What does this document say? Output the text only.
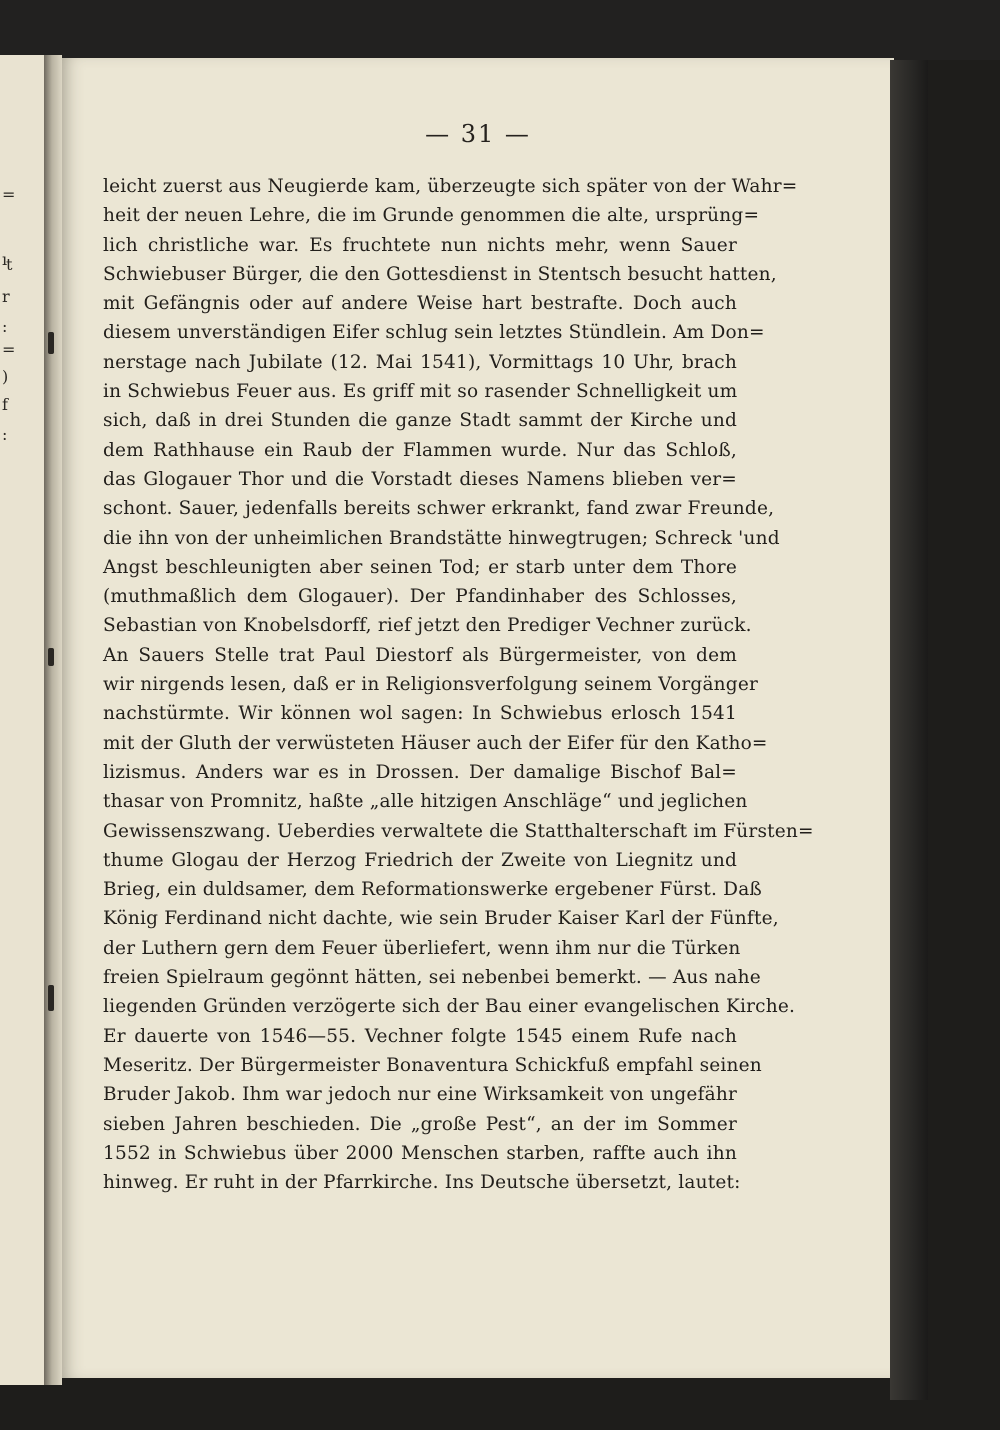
=
ı
t
r
:
=
)
f
:
— 31 —
leicht zuerst aus Neugierde kam, überzeugte sich später von der Wahr=
heit der neuen Lehre, die im Grunde genommen die alte, ursprüng=
lich christliche war. Es fruchtete nun nichts mehr, wenn Sauer
Schwiebuser Bürger, die den Gottesdienst in Stentsch besucht hatten,
mit Gefängnis oder auf andere Weise hart bestrafte. Doch auch
diesem unverständigen Eifer schlug sein letztes Stündlein. Am Don=
nerstage nach Jubilate (12. Mai 1541), Vormittags 10 Uhr, brach
in Schwiebus Feuer aus. Es griff mit so rasender Schnelligkeit um
sich, daß in drei Stunden die ganze Stadt sammt der Kirche und
dem Rathhause ein Raub der Flammen wurde. Nur das Schloß,
das Glogauer Thor und die Vorstadt dieses Namens blieben ver=
schont. Sauer, jedenfalls bereits schwer erkrankt, fand zwar Freunde,
die ihn von der unheimlichen Brandstätte hinwegtrugen; Schreck 'und
Angst beschleunigten aber seinen Tod; er starb unter dem Thore
(muthmaßlich dem Glogauer). Der Pfandinhaber des Schlosses,
Sebastian von Knobelsdorff, rief jetzt den Prediger Vechner zurück.
An Sauers Stelle trat Paul Diestorf als Bürgermeister, von dem
wir nirgends lesen, daß er in Religionsverfolgung seinem Vorgänger
nachstürmte. Wir können wol sagen: In Schwiebus erlosch 1541
mit der Gluth der verwüsteten Häuser auch der Eifer für den Katho=
lizismus. Anders war es in Drossen. Der damalige Bischof Bal=
thasar von Promnitz, haßte „alle hitzigen Anschläge“ und jeglichen
Gewissenszwang. Ueberdies verwaltete die Statthalterschaft im Fürsten=
thume Glogau der Herzog Friedrich der Zweite von Liegnitz und
Brieg, ein duldsamer, dem Reformationswerke ergebener Fürst. Daß
König Ferdinand nicht dachte, wie sein Bruder Kaiser Karl der Fünfte,
der Luthern gern dem Feuer überliefert, wenn ihm nur die Türken
freien Spielraum gegönnt hätten, sei nebenbei bemerkt. — Aus nahe
liegenden Gründen verzögerte sich der Bau einer evangelischen Kirche.
Er dauerte von 1546—55. Vechner folgte 1545 einem Rufe nach
Meseritz. Der Bürgermeister Bonaventura Schickfuß empfahl seinen
Bruder Jakob. Ihm war jedoch nur eine Wirksamkeit von ungefähr
sieben Jahren beschieden. Die „große Pest“, an der im Sommer
1552 in Schwiebus über 2000 Menschen starben, raffte auch ihn
hinweg. Er ruht in der Pfarrkirche. Ins Deutsche übersetzt, lautet:
